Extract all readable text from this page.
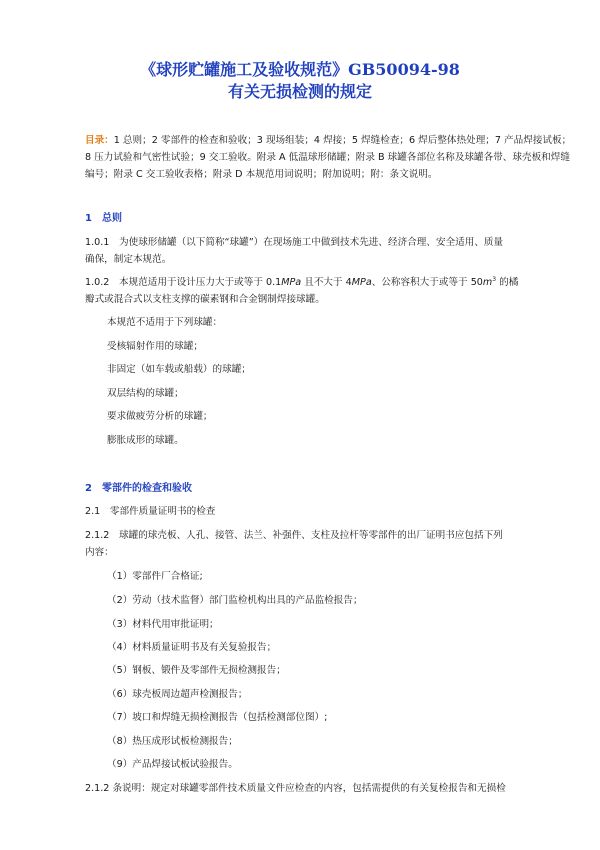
《球形贮罐施工及验收规范》GB50094-98
有关无损检测的规定
目录：1 总则；2 零部件的检查和验收；3 现场组装；4 焊接；5 焊缝检查；6 焊后整体热处理；7 产品焊接试板；
8 压力试验和气密性试验；9 交工验收。附录 A 低温球形储罐；附录 B 球罐各部位名称及球罐各带、球壳板和焊缝
编号；附录 C 交工验收表格；附录 D 本规范用词说明；附加说明；附：条文说明。
1　总则
1.0.1　为使球形储罐（以下简称“球罐”）在现场施工中做到技术先进、经济合理、安全适用、质量
确保，制定本规范。
1.0.2　本规范适用于设计压力大于或等于 0.1MPa 且不大于 4MPa、公称容积大于或等于 $50m^3$ 的橘
瓣式或混合式以支柱支撑的碳素钢和合金钢制焊接球罐。
本规范不适用于下列球罐：
受核辐射作用的球罐；
非固定（如车载或船载）的球罐；
双层结构的球罐；
要求做疲劳分析的球罐；
膨胀成形的球罐。
2　零部件的检查和验收
2.1　零部件质量证明书的检查
2.1.2　球罐的球壳板、人孔、接管、法兰、补强件、支柱及拉杆等零部件的出厂证明书应包括下列
内容：
（1）零部件厂合格证;
（2）劳动（技术监督）部门监检机构出具的产品监检报告；
（3）材料代用审批证明；
（4）材料质量证明书及有关复验报告；
（5）钢板、锻件及零部件无损检测报告；
（6）球壳板周边超声检测报告；
（7）坡口和焊缝无损检测报告（包括检测部位图）;
（8）热压成形试板检测报告；
（9）产品焊接试板试验报告。
2.1.2 条说明：规定对球罐零部件技术质量文件应检查的内容，包括需提供的有关复检报告和无损检
